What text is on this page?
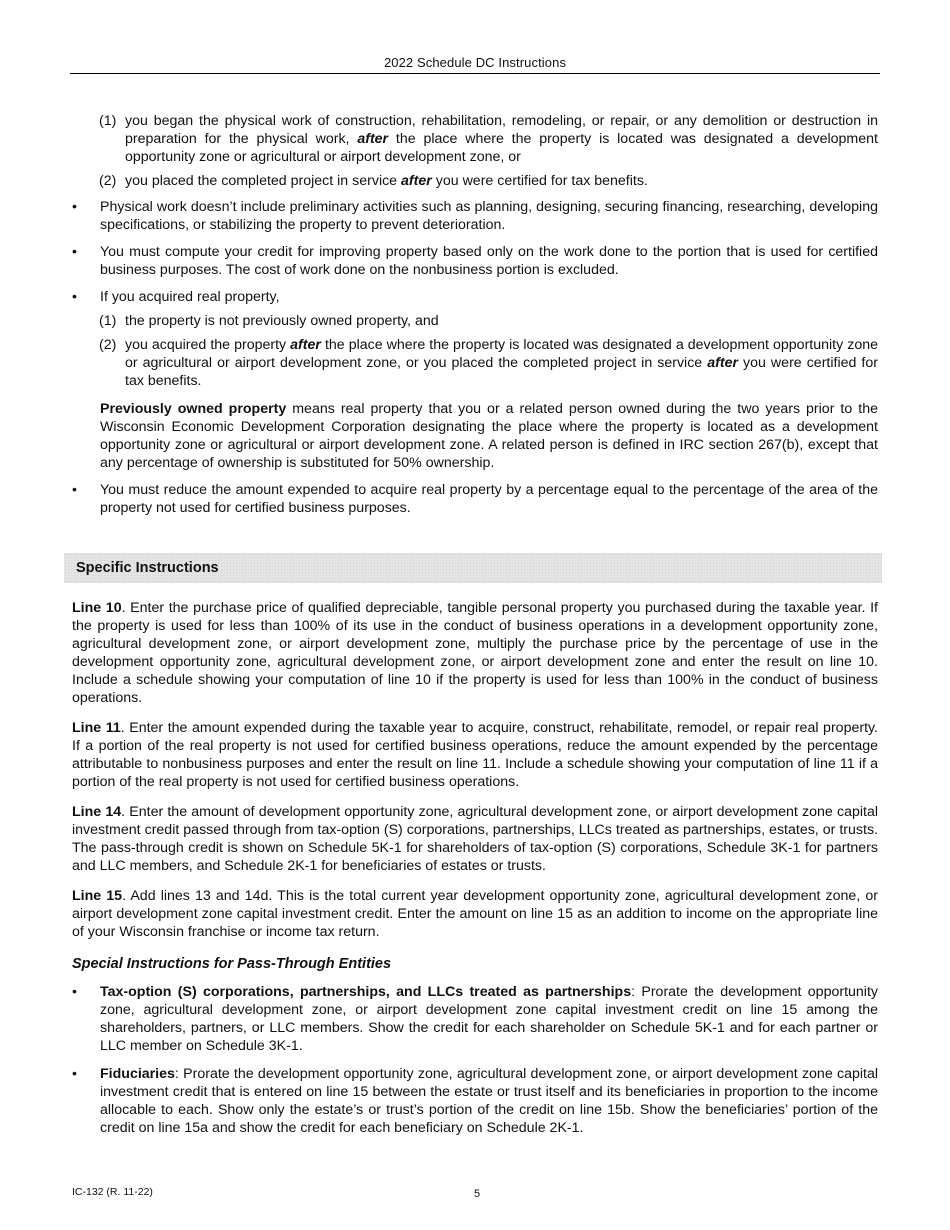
2022 Schedule DC Instructions
(1) you began the physical work of construction, rehabilitation, remodeling, or repair, or any demolition or destruction in preparation for the physical work, after the place where the property is located was designated a development opportunity zone or agricultural or airport development zone, or
(2) you placed the completed project in service after you were certified for tax benefits.
•	Physical work doesn’t include preliminary activities such as planning, designing, securing financing, researching, developing specifications, or stabilizing the property to prevent deterioration.
•	You must compute your credit for improving property based only on the work done to the portion that is used for certified business purposes. The cost of work done on the nonbusiness portion is excluded.
•	If you acquired real property,
(1) the property is not previously owned property, and
(2) you acquired the property after the place where the property is located was designated a development opportunity zone or agricultural or airport development zone, or you placed the completed project in service after you were certified for tax benefits.

Previously owned property means real property that you or a related person owned during the two years prior to the Wisconsin Economic Development Corporation designating the place where the property is located as a development opportunity zone or agricultural or airport development zone. A related person is defined in IRC section 267(b), except that any percentage of ownership is substituted for 50% ownership.

•	You must reduce the amount expended to acquire real property by a percentage equal to the percentage of the area of the property not used for certified business purposes.
Specific Instructions

Line 10. Enter the purchase price of qualified depreciable, tangible personal property you purchased during the taxable year. If the property is used for less than 100% of its use in the conduct of business operations in a development opportunity zone, agricultural development zone, or airport development zone, multiply the purchase price by the percentage of use in the development opportunity zone, agricultural development zone, or airport development zone and enter the result on line 10. Include a schedule showing your computation of line 10 if the property is used for less than 100% in the conduct of business operations.

Line 11. Enter the amount expended during the taxable year to acquire, construct, rehabilitate, remodel, or repair real property. If a portion of the real property is not used for certified business operations, reduce the amount expended by the percentage attributable to nonbusiness purposes and enter the result on line 11. Include a schedule showing your computation of line 11 if a portion of the real property is not used for certified business operations.

Line 14. Enter the amount of development opportunity zone, agricultural development zone, or airport development zone capital investment credit passed through from tax-option (S) corporations, partnerships, LLCs treated as partnerships, estates, or trusts. The pass-through credit is shown on Schedule 5K-1 for shareholders of tax-option (S) corporations, Schedule 3K-1 for partners and LLC members, and Schedule 2K-1 for beneficiaries of estates or trusts.

Line 15. Add lines 13 and 14d. This is the total current year development opportunity zone, agricultural development zone, or airport development zone capital investment credit. Enter the amount on line 15 as an addition to income on the appropriate line of your Wisconsin franchise or income tax return.

Special Instructions for Pass-Through Entities
•	Tax-option (S) corporations, partnerships, and LLCs treated as partnerships: Prorate the development opportunity zone, agricultural development zone, or airport development zone capital investment credit on line 15 among the shareholders, partners, or LLC members. Show the credit for each shareholder on Schedule 5K-1 and for each partner or LLC member on Schedule 3K-1.
•	Fiduciaries: Prorate the development opportunity zone, agricultural development zone, or airport development zone capital investment credit that is entered on line 15 between the estate or trust itself and its beneficiaries in proportion to the income allocable to each. Show only the estate’s or trust’s portion of the credit on line 15b. Show the beneficiaries’ portion of the credit on line 15a and show the credit for each beneficiary on Schedule 2K-1.
IC-132 (R. 11-22)	5
